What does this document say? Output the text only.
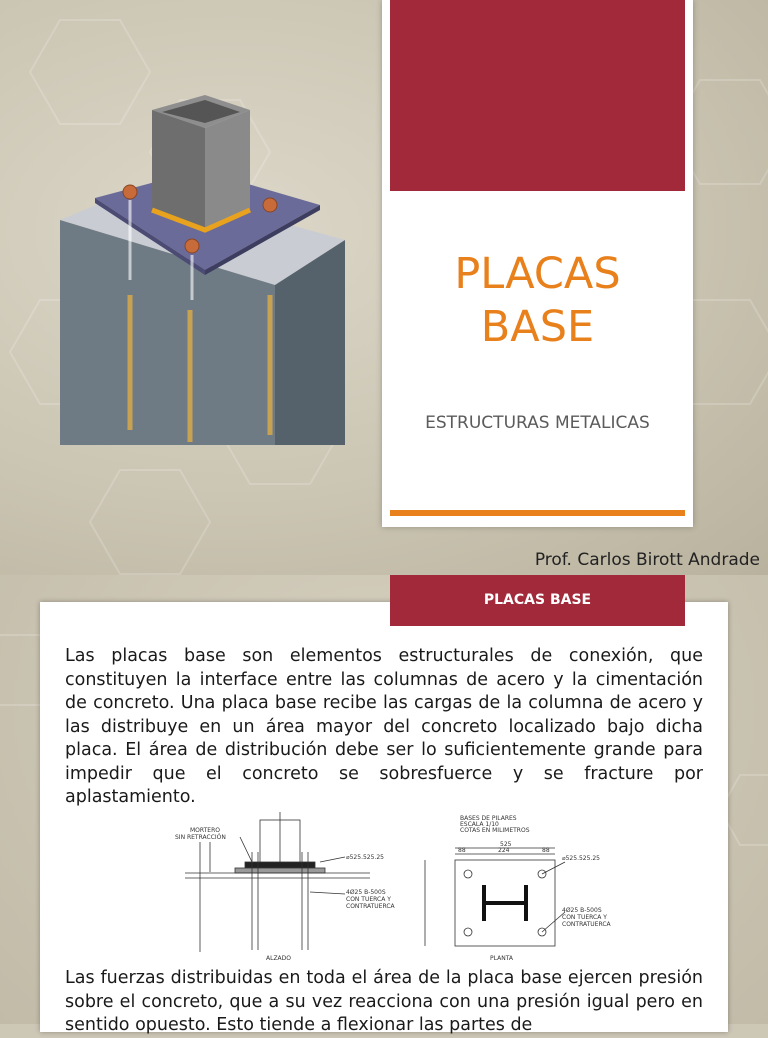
PLACAS
BASE
ESTRUCTURAS METALICAS
Prof. Carlos Birott Andrade
PLACAS BASE

Las placas base son elementos estructurales de conexión, que constituyen la interface entre las columnas de acero y la cimentación de concreto. Una placa base recibe las cargas de la columna de acero y las distribuye en un área mayor del concreto localizado bajo dicha placa. El área de distribución debe ser lo suficientemente grande para impedir que el concreto se sobresfuerce y se fracture por aplastamiento.

MORTERO
SIN RETRACCIÓN
⌀525.525.25
4Ø25 B-500S
CON TUERCA Y
CONTRATUERCA
ALZADO
BASES DE PILARES
ESCALA 1/10
COTAS EN MILIMETROS
525
88	224	88
⌀525.525.25
4Ø25 B-500S
CON TUERCA Y
CONTRATUERCA
PLANTA

Las fuerzas distribuidas en toda el área de la placa base ejercen presión sobre el concreto, que a su vez reacciona con una presión igual pero en sentido opuesto. Esto tiende a flexionar las partes de
